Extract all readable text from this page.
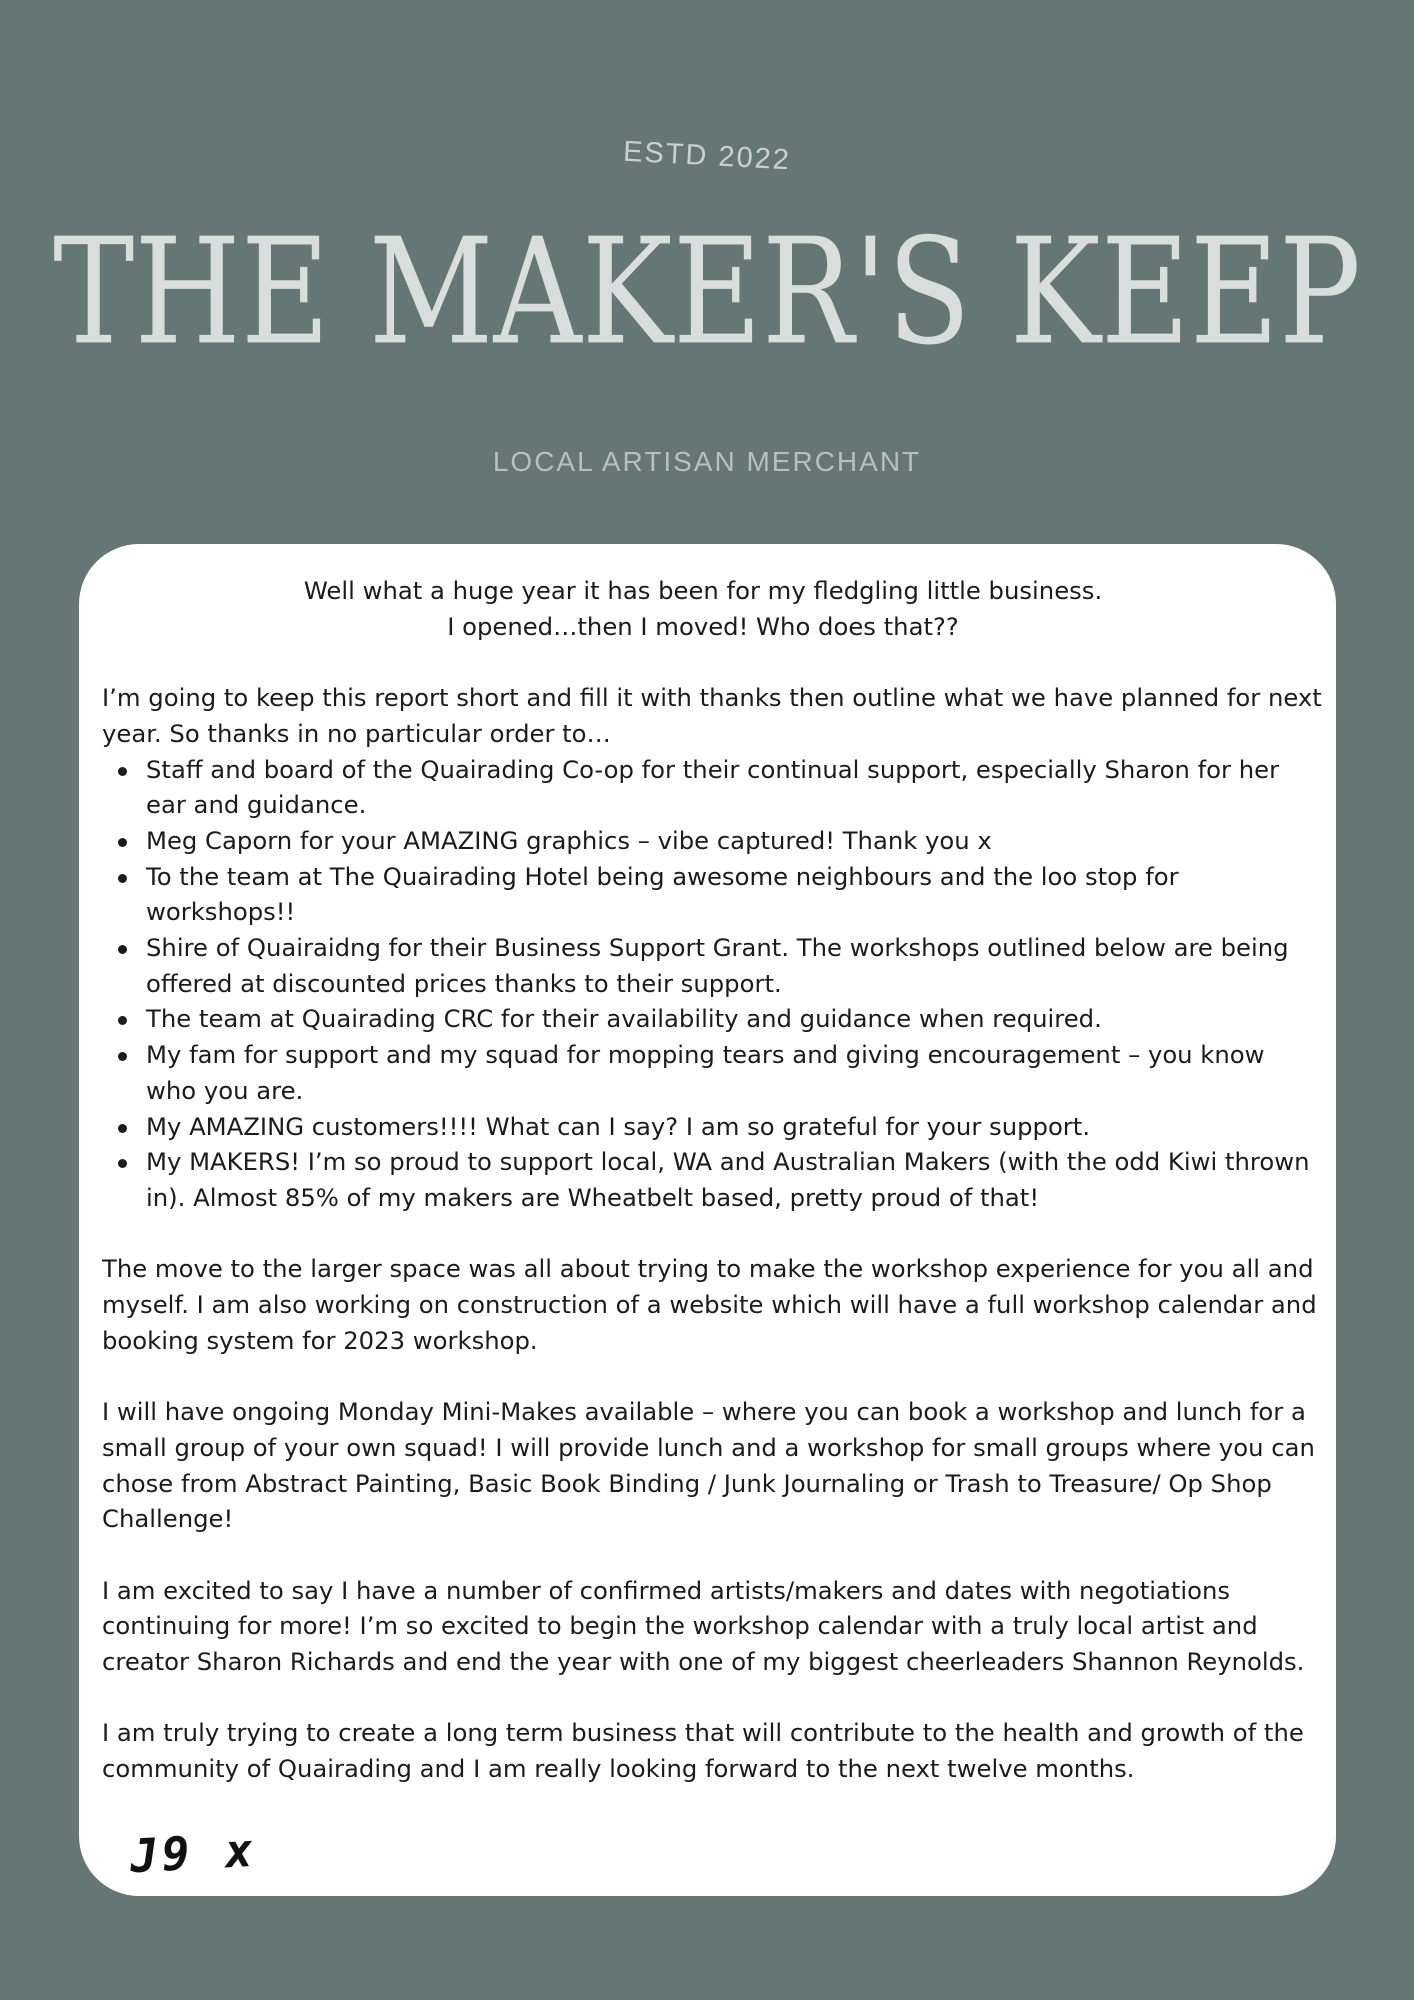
ESTD 2022
THE MAKER'S KEEP
LOCAL ARTISAN MERCHANT

Well what a huge year it has been for my fledgling little business.

I opened…then I moved! Who does that??

I’m going to keep this report short and fill it with thanks then outline what we have planned for next year. So thanks in no particular order to…

Staff and board of the Quairading Co-op for their continual support, especially Sharon for her ear and guidance.
Meg Caporn for your AMAZING graphics – vibe captured! Thank you x
To the team at The Quairading Hotel being awesome neighbours and the loo stop for workshops!!
Shire of Quairaidng for their Business Support Grant. The workshops outlined below are being offered at discounted prices thanks to their support.
The team at Quairading CRC for their availability and guidance when required.
My fam for support and my squad for mopping tears and giving encouragement – you know who you are.
My AMAZING customers!!!! What can I say? I am so grateful for your support.
My MAKERS! I’m so proud to support local, WA and Australian Makers (with the odd Kiwi thrown in). Almost 85% of my makers are Wheatbelt based, pretty proud of that!

The move to the larger space was all about trying to make the workshop experience for you all and myself. I am also working on construction of a website which will have a full workshop calendar and booking system for 2023 workshop.

I will have ongoing Monday Mini-Makes available – where you can book a workshop and lunch for a small group of your own squad! I will provide lunch and a workshop for small groups where you can chose from Abstract Painting, Basic Book Binding / Junk Journaling or Trash to Treasure/ Op Shop Challenge!

I am excited to say I have a number of confirmed artists/makers and dates with negotiations continuing for more! I’m so excited to begin the workshop calendar with a truly local artist and creator Sharon Richards and end the year with one of my biggest cheerleaders Shannon Reynolds.

I am truly trying to create a long term business that will contribute to the health and growth of the community of Quairading and I am really looking forward to the next twelve months.

J9 x
